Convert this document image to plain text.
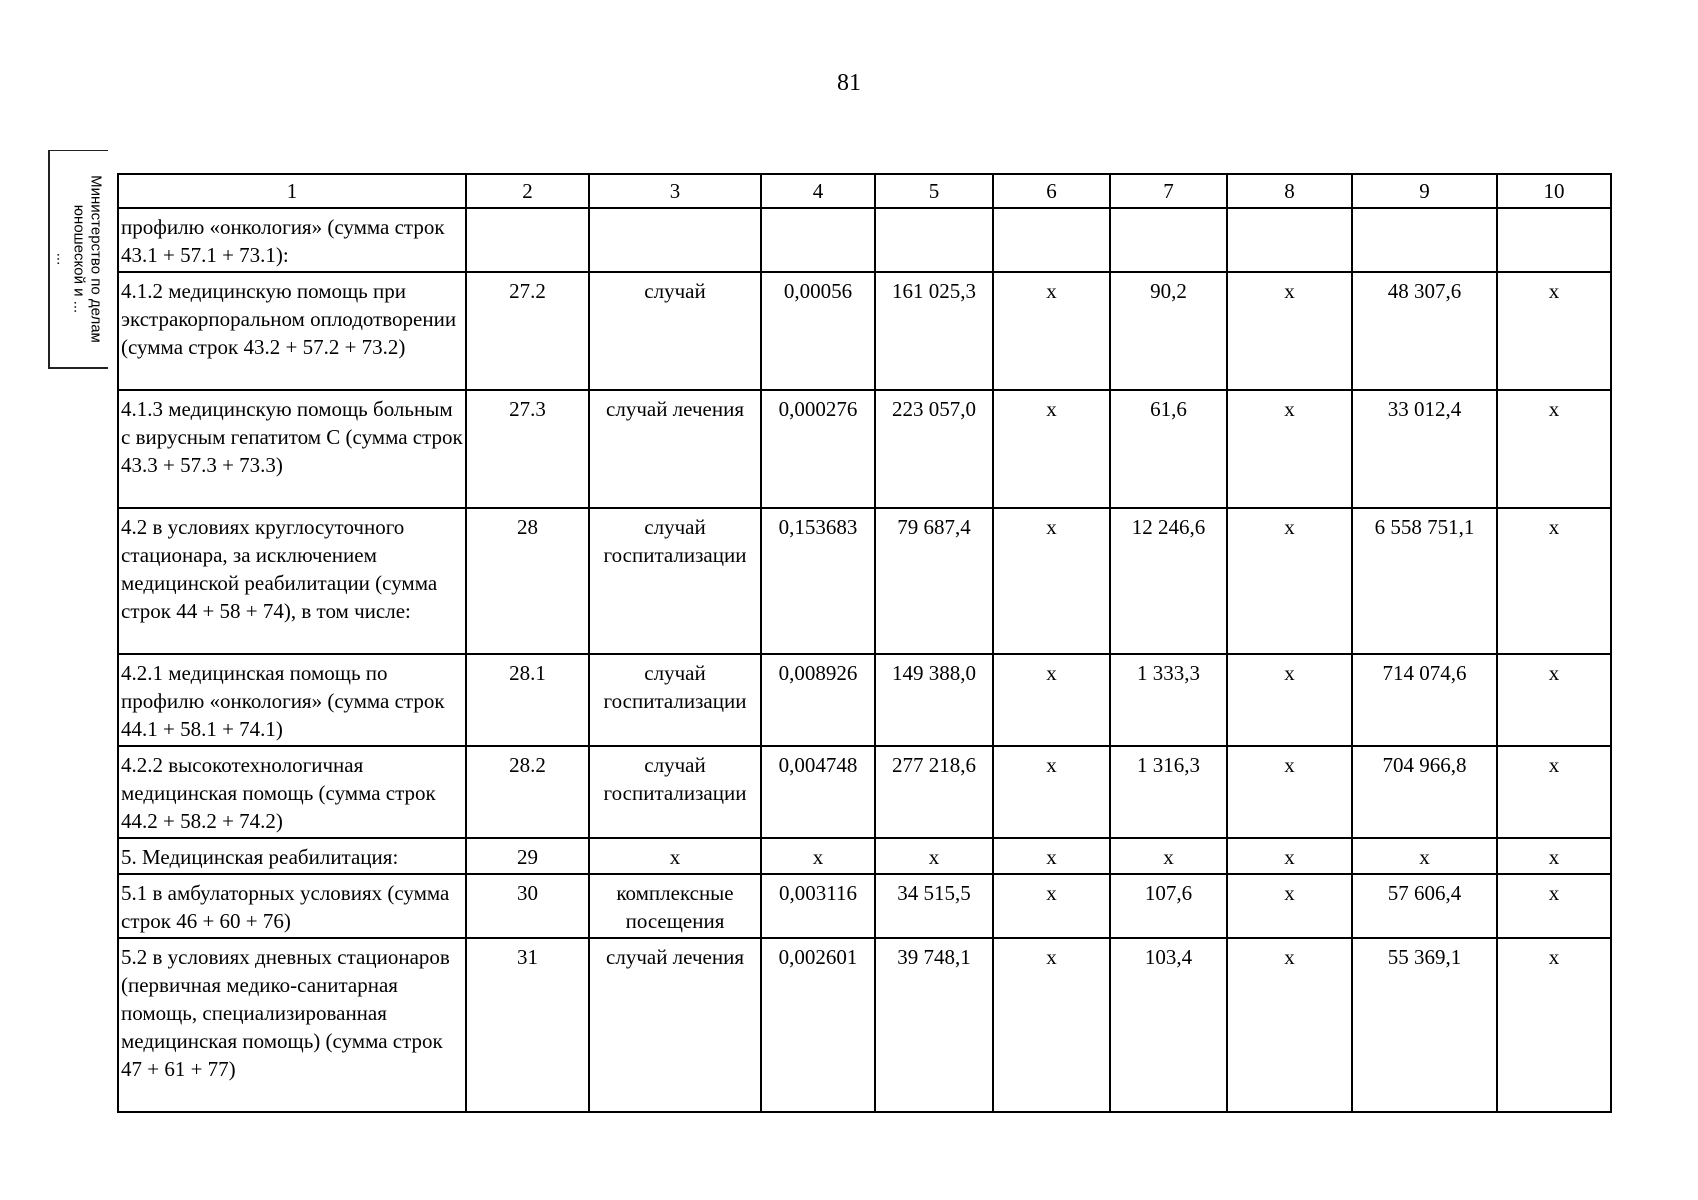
81
Министерство по делам
юношеской и ...
...
1	2	3	4	5	6	7	8	9	10
профилю «онкология» (сумма строк 43.1 + 57.1 + 73.1):									
4.1.2 медицинскую помощь при экстракорпоральном оплодотворении (сумма строк 43.2 + 57.2 + 73.2)	27.2	случай	0,00056	161 025,3	х	90,2	х	48 307,6	х
4.1.3 медицинскую помощь больным с вирусным гепатитом С (сумма строк 43.3 + 57.3 + 73.3)	27.3	случай лечения	0,000276	223 057,0	х	61,6	х	33 012,4	х
4.2 в условиях круглосуточного стационара, за исключением медицинской реабилитации (сумма строк 44 + 58 + 74), в том числе:	28	случай госпитализации	0,153683	79 687,4	х	12 246,6	х	6 558 751,1	х
4.2.1 медицинская помощь по профилю «онкология» (сумма строк 44.1 + 58.1 + 74.1)	28.1	случай госпитализации	0,008926	149 388,0	х	1 333,3	х	714 074,6	х
4.2.2 высокотехнологичная медицинская помощь (сумма строк 44.2 + 58.2 + 74.2)	28.2	случай госпитализации	0,004748	277 218,6	х	1 316,3	х	704 966,8	х
5. Медицинская реабилитация:	29	х	х	х	х	х	х	х	х
5.1 в амбулаторных условиях (сумма строк 46 + 60 + 76)	30	комплексные посещения	0,003116	34 515,5	х	107,6	х	57 606,4	х
5.2 в условиях дневных стационаров (первичная медико-санитарная помощь, специализированная медицинская помощь) (сумма строк 47 + 61 + 77)	31	случай лечения	0,002601	39 748,1	х	103,4	х	55 369,1	х
